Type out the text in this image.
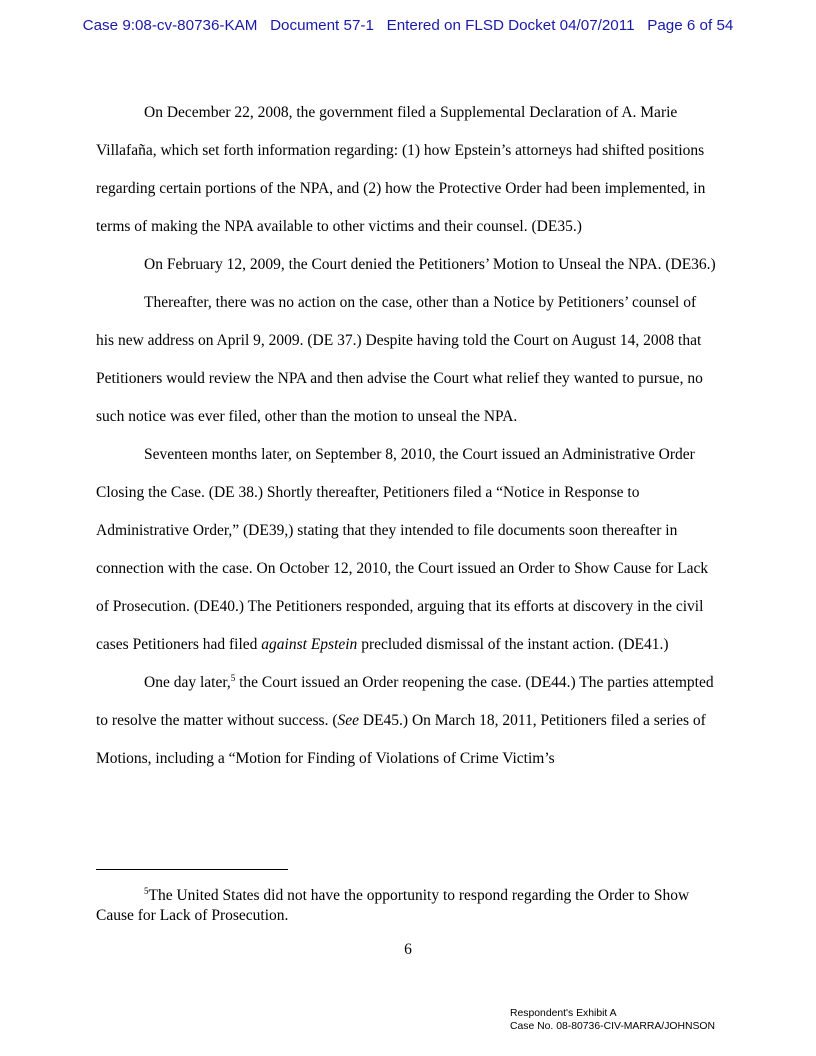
Case 9:08-cv-80736-KAM Document 57-1 Entered on FLSD Docket 04/07/2011 Page 6 of 54

On December 22, 2008, the government filed a Supplemental Declaration of A. Marie Villafaña, which set forth information regarding: (1) how Epstein’s attorneys had shifted positions regarding certain portions of the NPA, and (2) how the Protective Order had been implemented, in terms of making the NPA available to other victims and their counsel. (DE35.)

On February 12, 2009, the Court denied the Petitioners’ Motion to Unseal the NPA. (DE36.)

Thereafter, there was no action on the case, other than a Notice by Petitioners’ counsel of his new address on April 9, 2009. (DE 37.) Despite having told the Court on August 14, 2008 that Petitioners would review the NPA and then advise the Court what relief they wanted to pursue, no such notice was ever filed, other than the motion to unseal the NPA.

Seventeen months later, on September 8, 2010, the Court issued an Administrative Order Closing the Case. (DE 38.) Shortly thereafter, Petitioners filed a “Notice in Response to Administrative Order,” (DE39,) stating that they intended to file documents soon thereafter in connection with the case. On October 12, 2010, the Court issued an Order to Show Cause for Lack of Prosecution. (DE40.) The Petitioners responded, arguing that its efforts at discovery in the civil cases Petitioners had filed against Epstein precluded dismissal of the instant action. (DE41.)

One day later,$^5$ the Court issued an Order reopening the case. (DE44.) The parties attempted to resolve the matter without success. (See DE45.) On March 18, 2011, Petitioners filed a series of Motions, including a “Motion for Finding of Violations of Crime Victim’s

$^5$The United States did not have the opportunity to respond regarding the Order to Show Cause for Lack of Prosecution.
6
Respondent's Exhibit A
Case No. 08-80736-CIV-MARRA/JOHNSON
